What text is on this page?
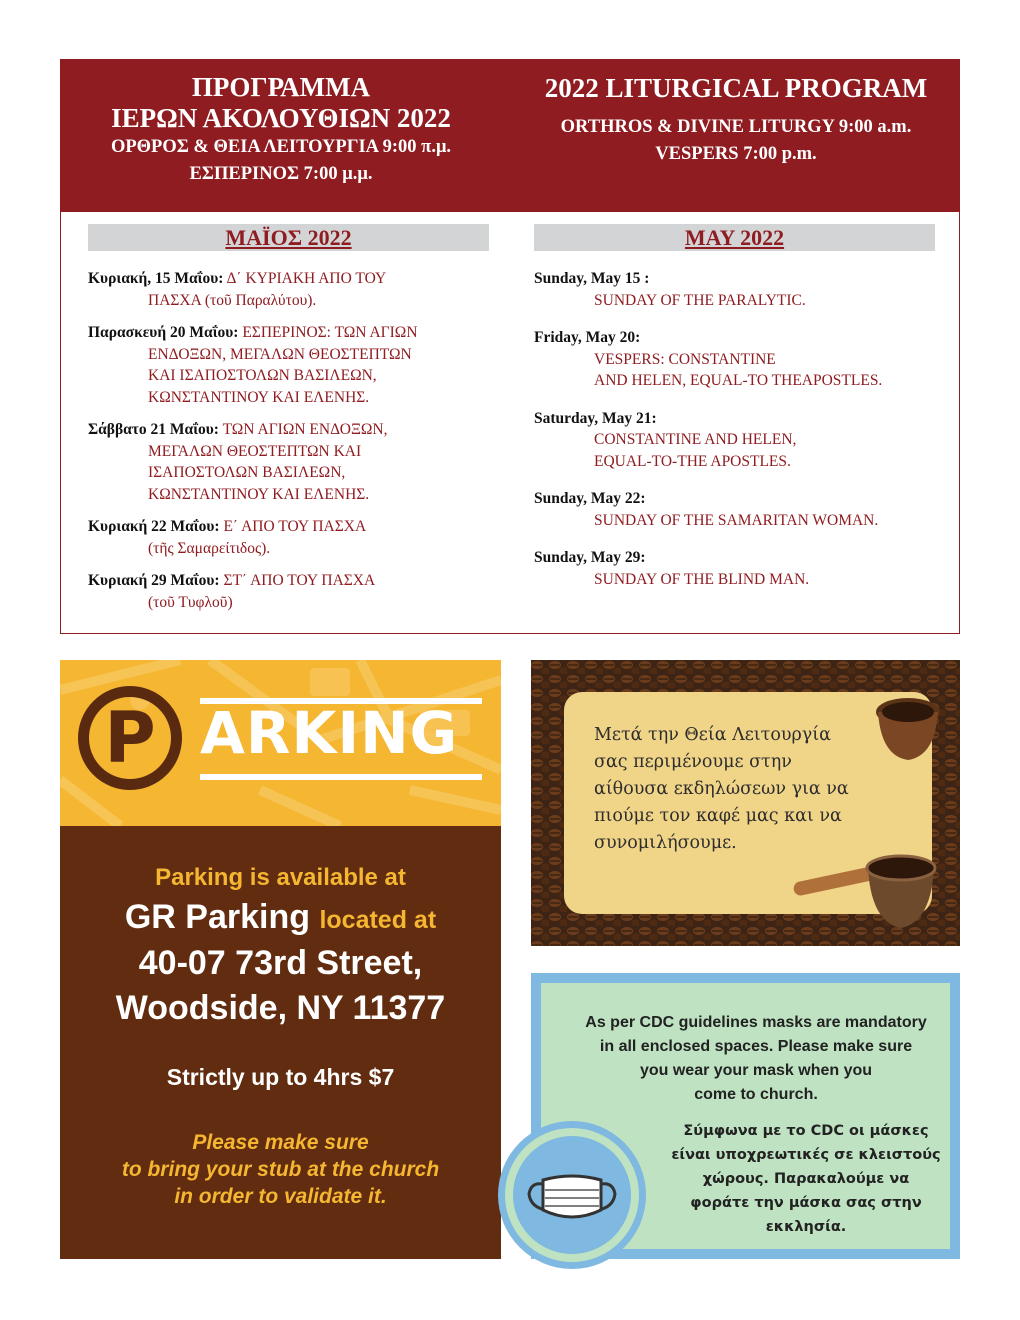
ΠΡΟΓΡΑΜΜΑ
ΙΕΡΩΝ ΑΚΟΛΟΥΘΙΩΝ 2022
ΟΡΘΡΟΣ & ΘΕΙΑ ΛΕΙΤΟΥΡΓΙΑ 9:00 π.μ.
ΕΣΠΕΡΙΝΟΣ 7:00 μ.μ.
2022 LITURGICAL PROGRAM
ORTHROS & DIVINE LITURGY 9:00 a.m.
VESPERS 7:00 p.m.
ΜΑΪΟΣ 2022	MAY 2022
Κυριακή, 15 Μαΐου: Δ΄ ΚΥΡΙΑΚΗ ΑΠΟ ΤΟΥ
ΠΑΣΧΑ (τοῦ Παραλύτου).
Παρασκευή 20 Μαΐου: ΕΣΠΕΡΙΝΟΣ: ΤΩΝ ΑΓΙΩΝ
ΕΝΔΟΞΩΝ, ΜΕΓΑΛΩΝ ΘΕΟΣΤΕΠΤΩΝ
ΚΑΙ ΙΣΑΠΟΣΤΟΛΩΝ ΒΑΣΙΛΕΩΝ,
ΚΩΝΣΤΑΝΤΙΝΟΥ ΚΑΙ ΕΛΕΝΗΣ.
Σάββατο 21 Μαΐου: ΤΩΝ ΑΓΙΩΝ ΕΝΔΟΞΩΝ,
ΜΕΓΑΛΩΝ ΘΕΟΣΤΕΠΤΩΝ ΚΑΙ
ΙΣΑΠΟΣΤΟΛΩΝ ΒΑΣΙΛΕΩΝ,
ΚΩΝΣΤΑΝΤΙΝΟΥ ΚΑΙ ΕΛΕΝΗΣ.
Κυριακή 22 Μαΐου: Ε΄ ΑΠΟ ΤΟΥ ΠΑΣΧΑ
(τῆς Σαμαρείτιδος).
Κυριακή 29 Μαΐου: ΣΤ΄ ΑΠΟ ΤΟΥ ΠΑΣΧΑ
(τοῦ Τυφλοῦ)
Sunday, May 15 :
SUNDAY OF THE PARALYTIC.
Friday, May 20:
VESPERS: CONSTANTINE
AND HELEN, EQUAL-TO THEAPOSTLES.
Saturday, May 21:
CONSTANTINE AND HELEN,
EQUAL-TO-THE APOSTLES.
Sunday, May 22:
SUNDAY OF THE SAMARITAN WOMAN.
Sunday, May 29:
SUNDAY OF THE BLIND MAN.
P ARKING
Parking is available at
GR Parking located at
40-07 73rd Street,
Woodside, NY 11377
Strictly up to 4hrs $7
Please make sure
to bring your stub at the church
in order to validate it.
Μετά την Θεία Λειτουργία σας περιμένουμε στην αίθουσα εκδηλώσεων για να πιούμε τον καφέ μας και να συνομιλήσουμε.
As per CDC guidelines masks are mandatory
in all enclosed spaces. Please make sure
you wear your mask when you
come to church.
Σύμφωνα με το CDC οι μάσκες
είναι υποχρεωτικές σε κλειστούς
χώρους. Παρακαλούμε να
φοράτε την μάσκα σας στην
εκκλησία.
